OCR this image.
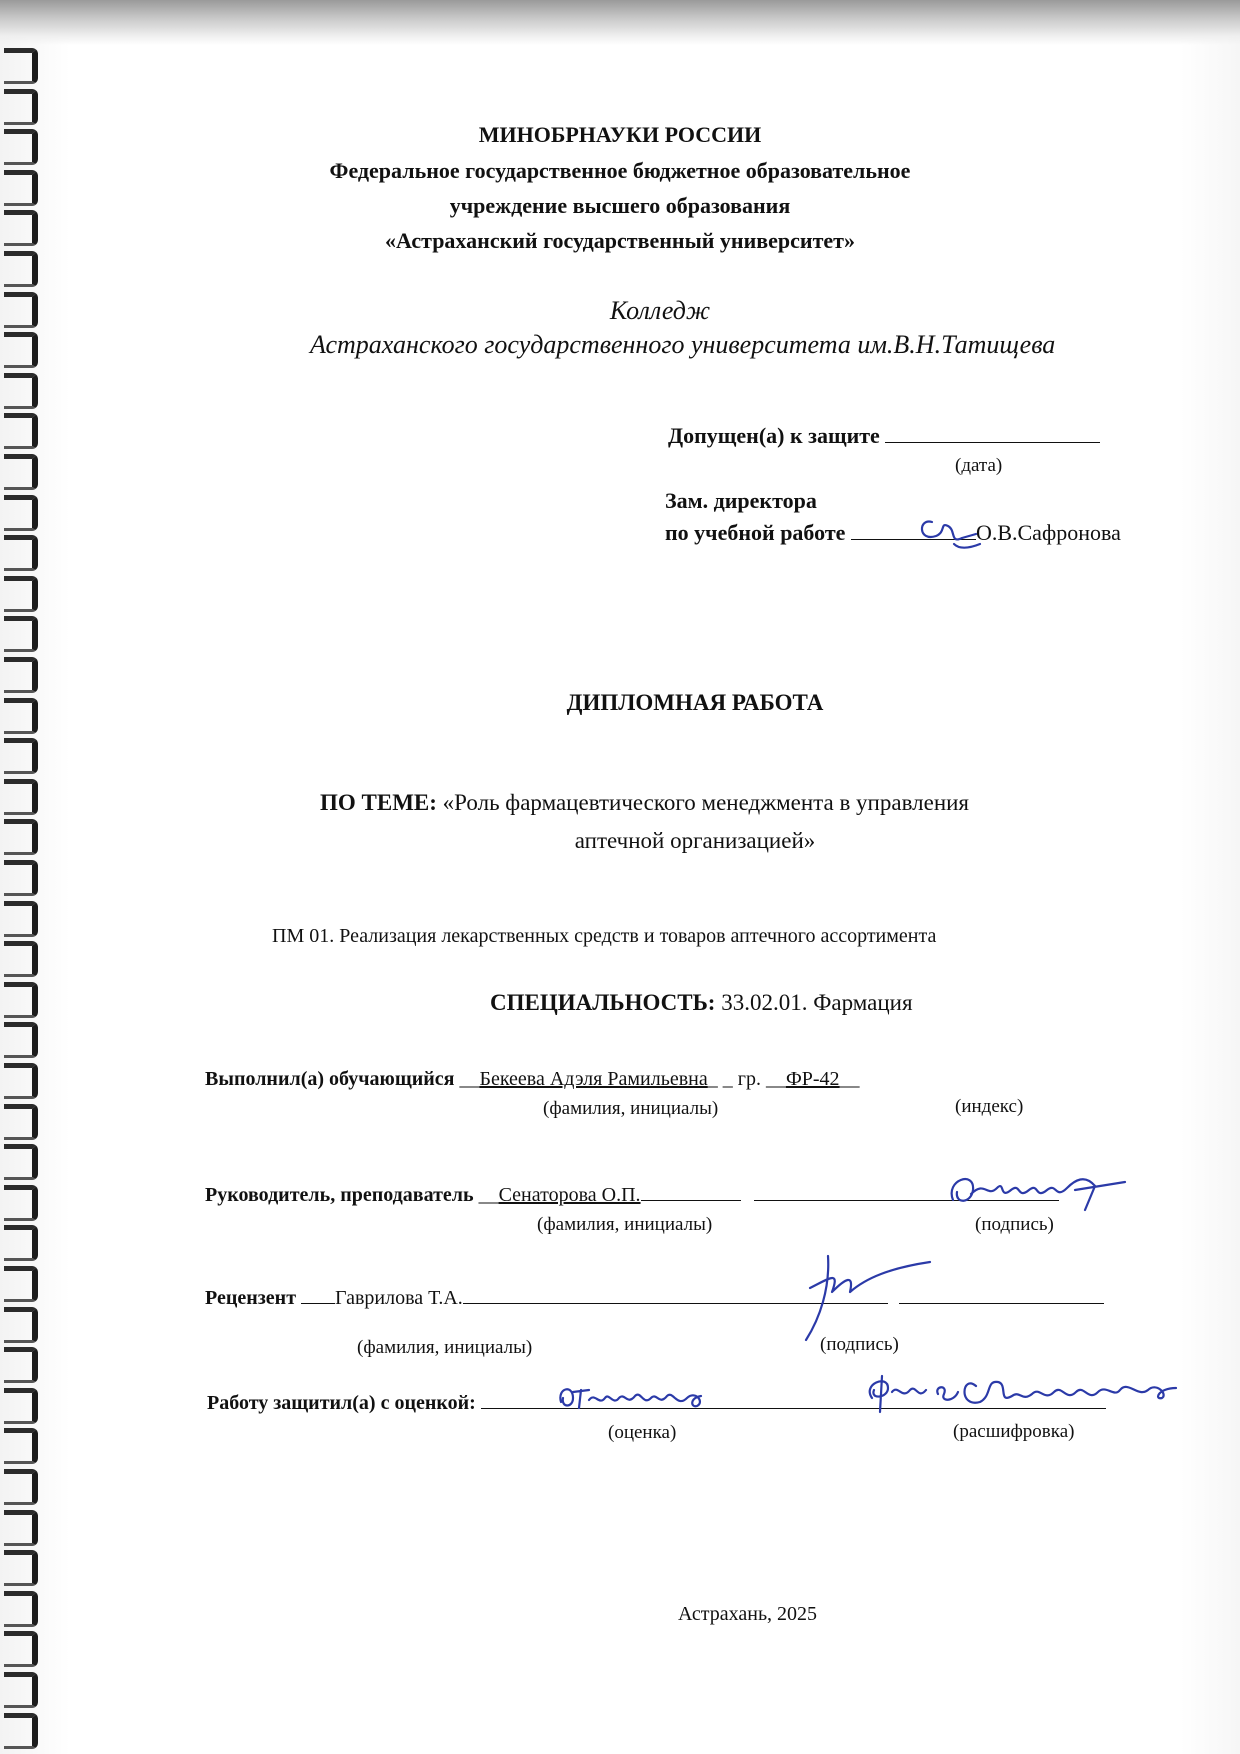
МИНОБРНАУКИ РОССИИ
Федеральное государственное бюджетное образовательное
учреждение высшего образования
«Астраханский государственный университет»
Колледж
Астраханского государственного университета им.В.Н.Татищева
Допущен(а) к защите
(дата)
Зам. директора
по учебной работе	О.В.Сафронова
ДИПЛОМНАЯ РАБОТА
ПО ТЕМЕ: «Роль фармацевтического менеджмента в управления
аптечной организацией»
ПМ 01. Реализация лекарственных средств и товаров аптечного ассортимента
СПЕЦИАЛЬНОСТЬ: 33.02.01. Фармация
Выполнил(а) обучающийся __Бекеева Адэля Рамильевна_ _ гр. __ФР-42__
(фамилия, инициалы)	(индекс)
Руководитель, преподаватель __Сенаторова О.П.
(фамилия, инициалы)	(подпись)
Рецензент Гаврилова Т.А.
(фамилия, инициалы)	(подпись)
Работу защитил(а) с оценкой:
(оценка)	(расшифровка)
Астрахань, 2025
